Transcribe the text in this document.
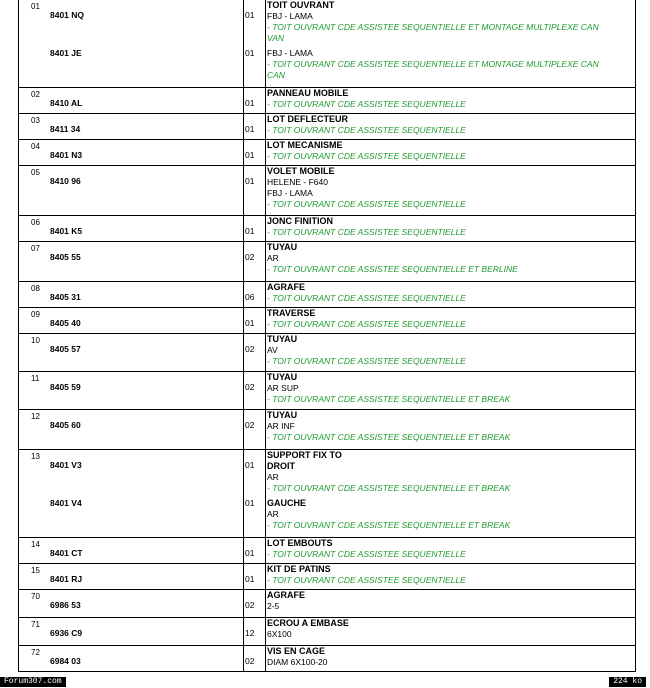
01
8401 NQ	01
TOIT OUVRANT
FBJ - LAMA
- TOIT OUVRANT CDE ASSISTEE SEQUENTIELLE ET MONTAGE MULTIPLEXE CAN
VAN
8401 JE	01 FBJ - LAMA
- TOIT OUVRANT CDE ASSISTEE SEQUENTIELLE ET MONTAGE MULTIPLEXE CAN
CAN
02
8410 AL	01
PANNEAU MOBILE
- TOIT OUVRANT CDE ASSISTEE SEQUENTIELLE
03
8411 34	01
LOT DEFLECTEUR
- TOIT OUVRANT CDE ASSISTEE SEQUENTIELLE
04
8401 N3	01
LOT MECANISME
- TOIT OUVRANT CDE ASSISTEE SEQUENTIELLE
05
8410 96	01
VOLET MOBILE
HELENE - F640
FBJ - LAMA
- TOIT OUVRANT CDE ASSISTEE SEQUENTIELLE
06
8401 K5	01
JONC FINITION
- TOIT OUVRANT CDE ASSISTEE SEQUENTIELLE
07
8405 55	02
TUYAU
AR
- TOIT OUVRANT CDE ASSISTEE SEQUENTIELLE ET BERLINE
08
8405 31	06
AGRAFE
- TOIT OUVRANT CDE ASSISTEE SEQUENTIELLE
09
8405 40	01
TRAVERSE
- TOIT OUVRANT CDE ASSISTEE SEQUENTIELLE
10
8405 57	02
TUYAU
AV
- TOIT OUVRANT CDE ASSISTEE SEQUENTIELLE
11
8405 59	02
TUYAU
AR SUP
- TOIT OUVRANT CDE ASSISTEE SEQUENTIELLE ET BREAK
12
8405 60	02
TUYAU
AR INF
- TOIT OUVRANT CDE ASSISTEE SEQUENTIELLE ET BREAK
13
8401 V3	01
SUPPORT FIX TO DROIT
AR
- TOIT OUVRANT CDE ASSISTEE SEQUENTIELLE ET BREAK
8401 V4	01 GAUCHE
AR
- TOIT OUVRANT CDE ASSISTEE SEQUENTIELLE ET BREAK
14
8401 CT	01
LOT EMBOUTS
- TOIT OUVRANT CDE ASSISTEE SEQUENTIELLE
15
8401 RJ	01
KIT DE PATINS
- TOIT OUVRANT CDE ASSISTEE SEQUENTIELLE
70
6986 53	02
AGRAFE
2-5
71
6936 C9	12
ECROU A EMBASE
6X100
72
6984 03	02
VIS EN CAGE
DIAM 6X100-20
Forum307.com	224 ko
